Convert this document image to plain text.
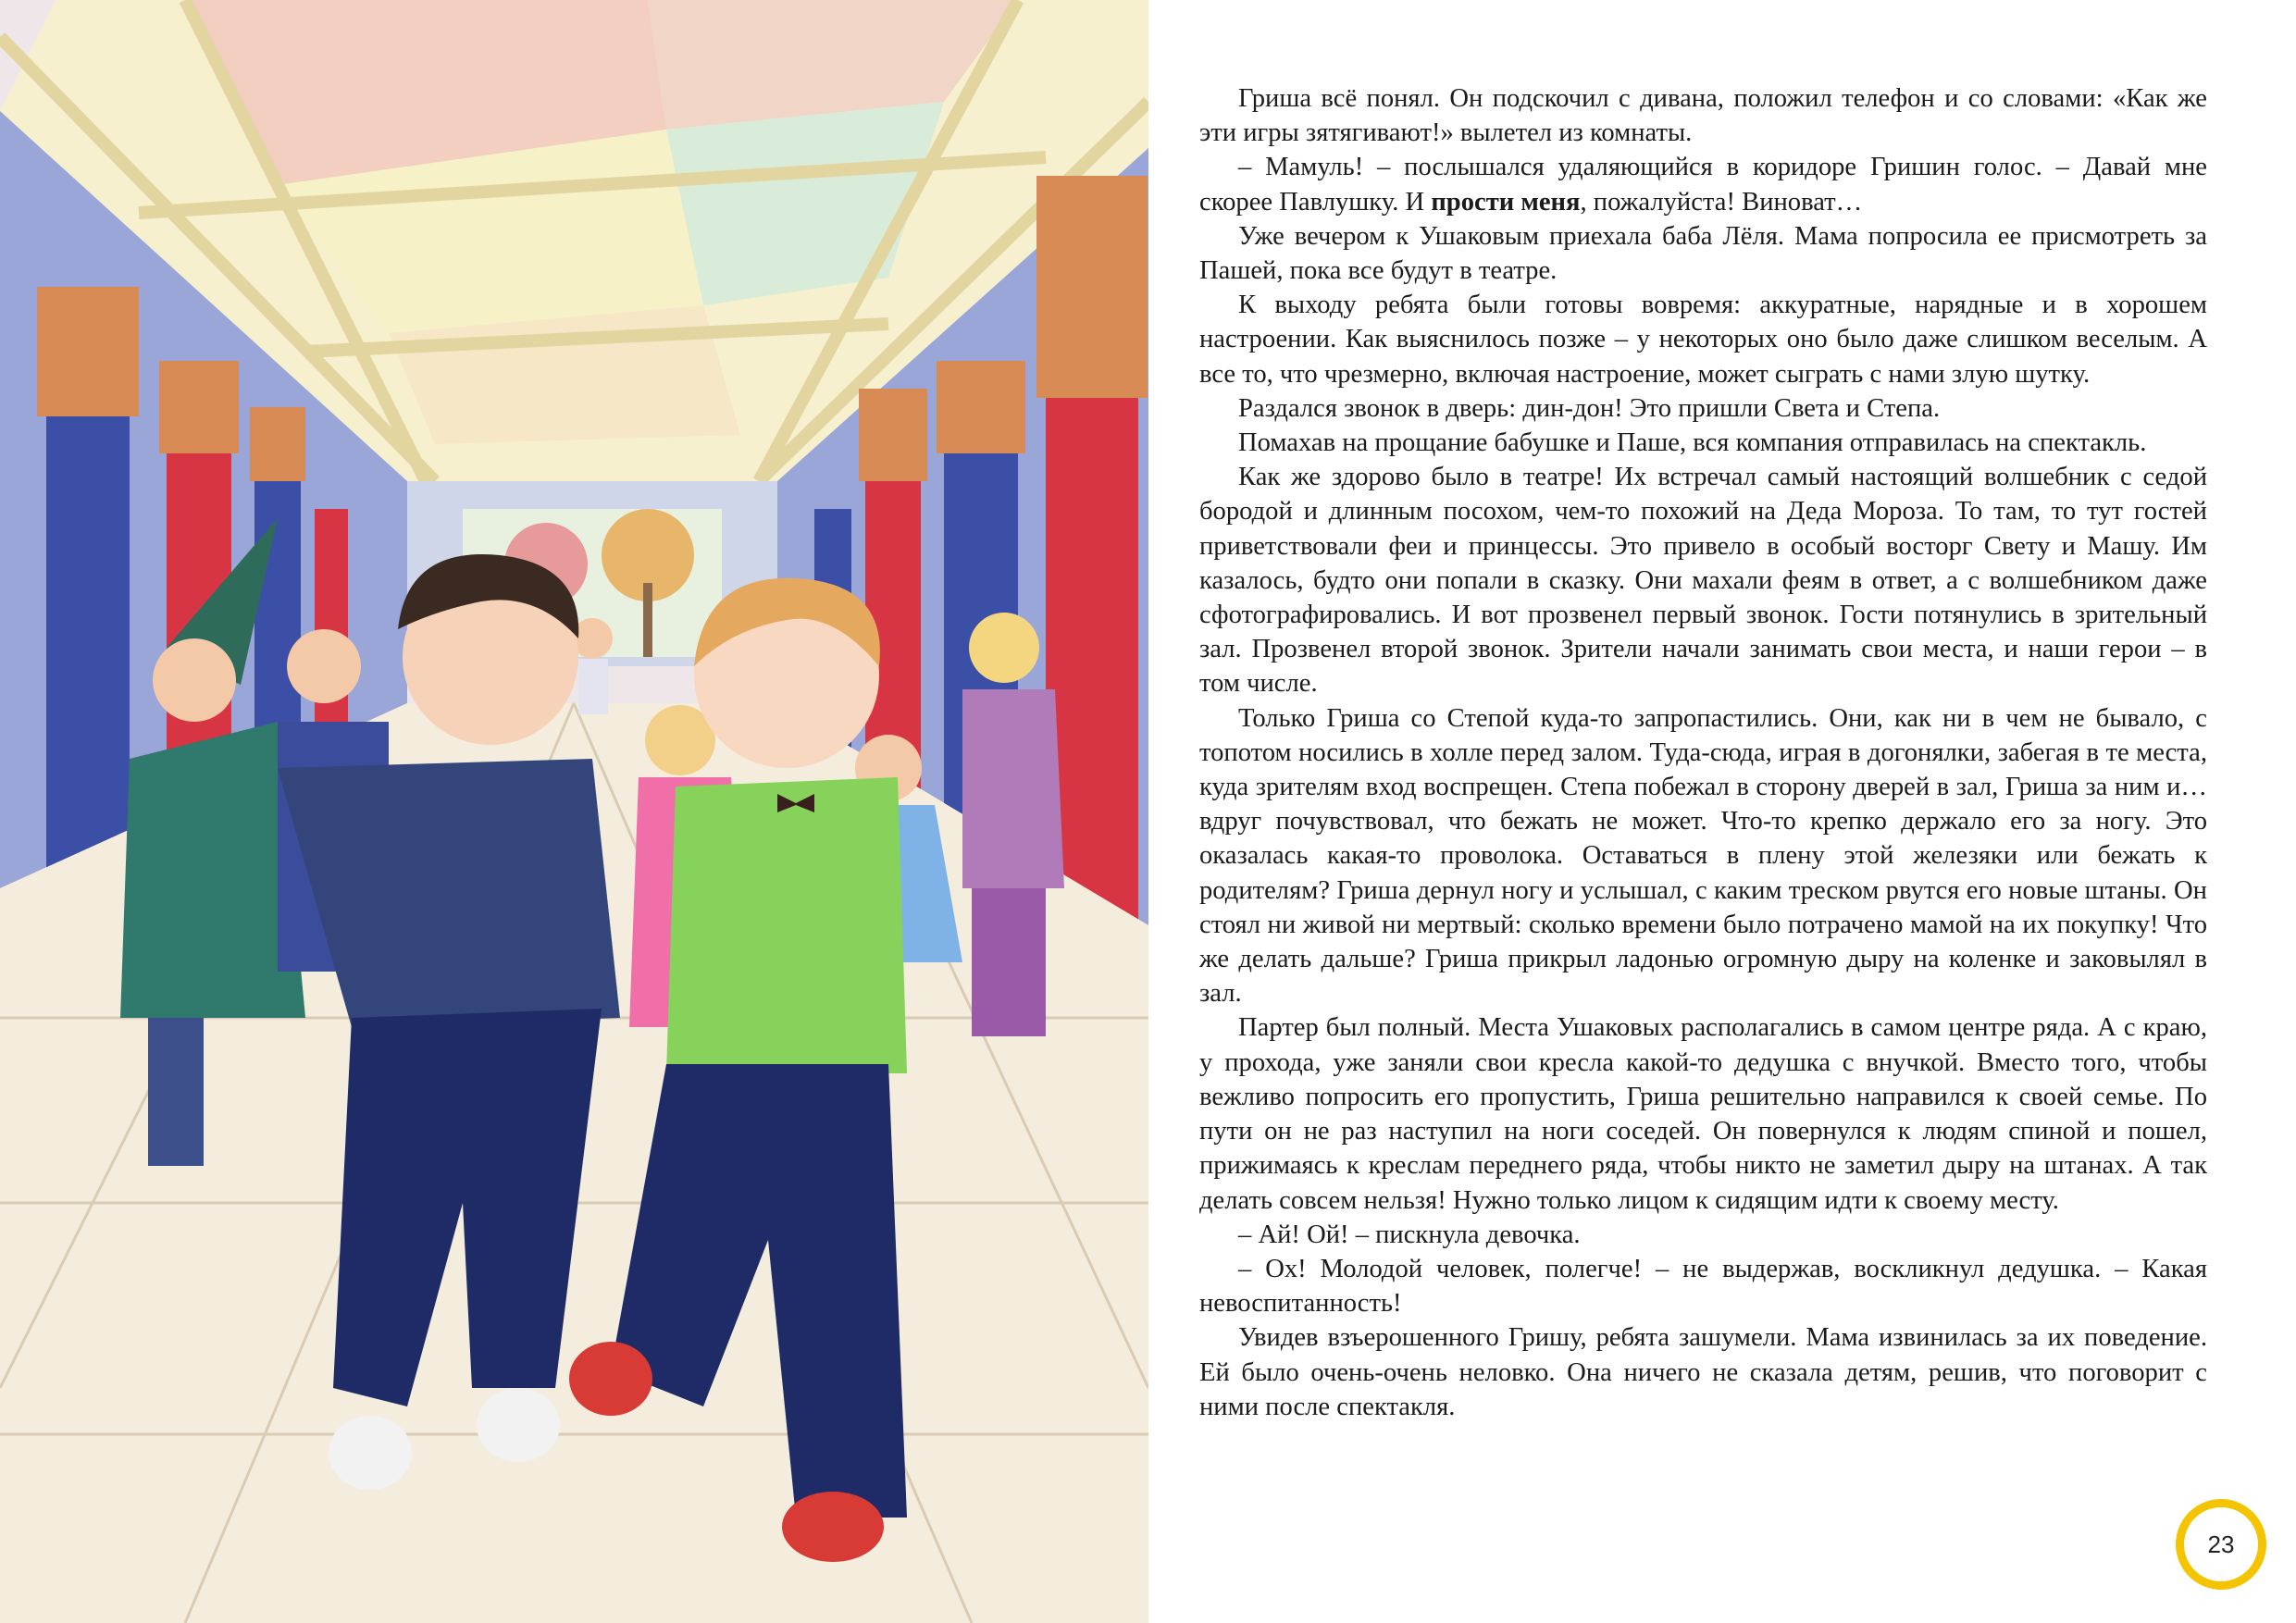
Гриша всё понял. Он подскочил с дивана, положил телефон и со словами: «Как же эти игры зятягивают!» вылетел из комнаты.

– Мамуль! – послышался удаляющийся в коридоре Гришин голос. – Давай мне скорее Павлушку. И прости меня, пожалуйста! Виноват…

Уже вечером к Ушаковым приехала баба Лёля. Мама попросила ее присмотреть за Пашей, пока все будут в театре.

К выходу ребята были готовы вовремя: аккуратные, нарядные и в хорошем настроении. Как выяснилось позже – у некоторых оно было даже слишком веселым. А все то, что чрезмерно, включая настроение, может сыграть с нами злую шутку.

Раздался звонок в дверь: дин-дон! Это пришли Света и Степа.

Помахав на прощание бабушке и Паше, вся компания отправилась на спектакль.

Как же здорово было в театре! Их встречал самый настоящий волшебник с седой бородой и длинным посохом, чем-то похожий на Деда Мороза. То там, то тут гостей приветствовали феи и принцессы. Это привело в особый восторг Свету и Машу. Им казалось, будто они попали в сказку. Они махали феям в ответ, а с волшебником даже сфотографировались. И вот прозвенел первый звонок. Гости потянулись в зрительный зал. Прозвенел второй звонок. Зрители начали занимать свои места, и наши герои – в том числе.

Только Гриша со Степой куда-то запропастились. Они, как ни в чем не бывало, с топотом носились в холле перед залом. Туда-сюда, играя в догонялки, забегая в те места, куда зрителям вход воспрещен. Степа побежал в сторону дверей в зал, Гриша за ним и… вдруг почувствовал, что бежать не может. Что-то крепко держало его за ногу. Это оказалась какая-то проволока. Оставаться в плену этой железяки или бежать к родителям? Гриша дернул ногу и услышал, с каким треском рвутся его новые штаны. Он стоял ни живой ни мертвый: сколько времени было потрачено мамой на их покупку! Что же делать дальше? Гриша прикрыл ладонью огромную дыру на коленке и заковылял в зал.

Партер был полный. Места Ушаковых располагались в самом центре ряда. А с краю, у прохода, уже заняли свои кресла какой-то дедушка с внучкой. Вместо того, чтобы вежливо попросить его пропустить, Гриша решительно направился к своей семье. По пути он не раз наступил на ноги соседей. Он повернулся к людям спиной и пошел, прижимаясь к креслам переднего ряда, чтобы никто не заметил дыру на штанах. А так делать совсем нельзя! Нужно только лицом к сидящим идти к своему месту.

– Ай! Ой! – пискнула девочка.

– Ох! Молодой человек, полегче! – не выдержав, воскликнул дедушка. – Какая невоспитанность!

Увидев взъерошенного Гришу, ребята зашумели. Мама извинилась за их поведение. Ей было очень-очень неловко. Она ничего не сказала детям, решив, что поговорит с ними после спектакля.

23
